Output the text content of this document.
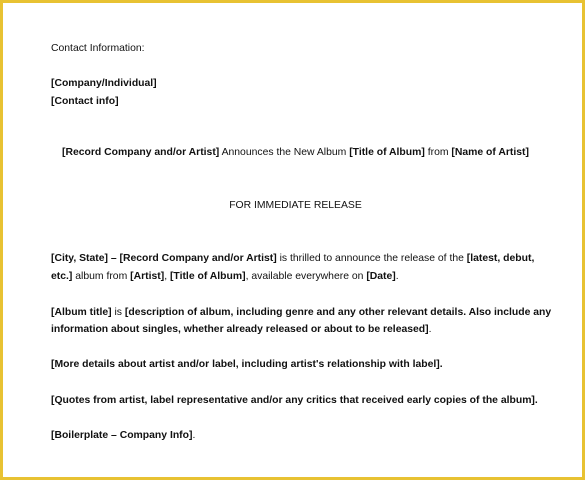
Contact Information:
[Company/Individual]
[Contact info]
[Record Company and/or Artist] Announces the New Album [Title of Album] from [Name of Artist]
FOR IMMEDIATE RELEASE
[City, State] – [Record Company and/or Artist] is thrilled to announce the release of the [latest, debut,
etc.] album from [Artist], [Title of Album], available everywhere on [Date].
[Album title] is [description of album, including genre and any other relevant details. Also include any
information about singles, whether already released or about to be released].
[More details about artist and/or label, including artist's relationship with label].
[Quotes from artist, label representative and/or any critics that received early copies of the album].
[Boilerplate – Company Info].
